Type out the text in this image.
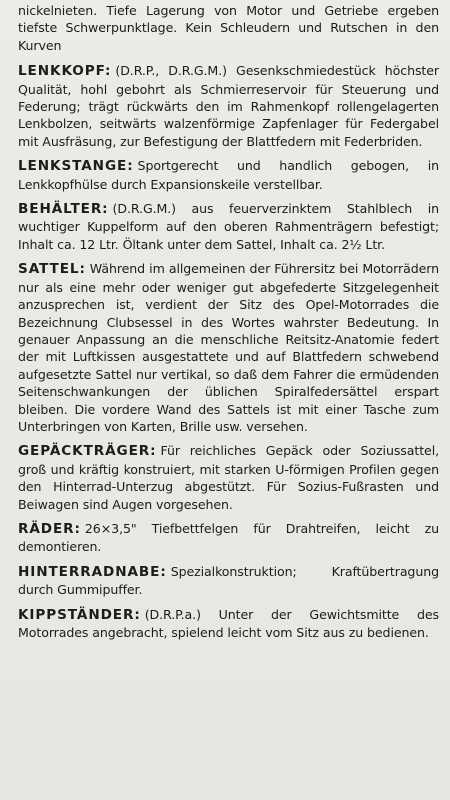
nickelnieten. Tiefe Lagerung von Motor und Getriebe ergeben tiefste Schwerpunktlage. Kein Schleudern und Rutschen in den Kurven

LENKKOPF: (D.R.P., D.R.G.M.) Gesenkschmiedestück höchster Qualität, hohl gebohrt als Schmierreservoir für Steuerung und Federung; trägt rückwärts den im Rahmenkopf rollengelagerten Lenkbolzen, seitwärts walzenförmige Zapfenlager für Federgabel mit Ausfräsung, zur Befestigung der Blattfedern mit Federbriden.

LENKSTANGE: Sportgerecht und handlich gebogen, in Lenkkopfhülse durch Expansionskeile verstellbar.

BEHÄLTER: (D.R.G.M.) aus feuerverzinktem Stahlblech in wuchtiger Kuppelform auf den oberen Rahmenträgern befestigt; Inhalt ca. 12 Ltr. Öltank unter dem Sattel, Inhalt ca. 2½ Ltr.

SATTEL: Während im allgemeinen der Führersitz bei Motorrädern nur als eine mehr oder weniger gut abgefederte Sitzgelegenheit anzusprechen ist, verdient der Sitz des Opel-Motorrades die Bezeichnung Clubsessel in des Wortes wahrster Bedeutung. In genauer Anpassung an die menschliche Reitsitz-Anatomie federt der mit Luftkissen ausgestattete und auf Blattfedern schwebend aufgesetzte Sattel nur vertikal, so daß dem Fahrer die ermüdenden Seitenschwankungen der üblichen Spiralfedersättel erspart bleiben. Die vordere Wand des Sattels ist mit einer Tasche zum Unterbringen von Karten, Brille usw. versehen.

GEPÄCKTRÄGER: Für reichliches Gepäck oder Soziussattel, groß und kräftig konstruiert, mit starken U-förmigen Profilen gegen den Hinterrad-Unterzug abgestützt. Für Sozius-Fußrasten und Beiwagen sind Augen vorgesehen.

RÄDER: 26×3,5" Tiefbettfelgen für Drahtreifen, leicht zu demontieren.

HINTERRADNABE: Spezialkonstruktion; Kraftübertragung durch Gummipuffer.

KIPPSTÄNDER: (D.R.P.a.) Unter der Gewichtsmitte des Motorrades angebracht, spielend leicht vom Sitz aus zu bedienen.
